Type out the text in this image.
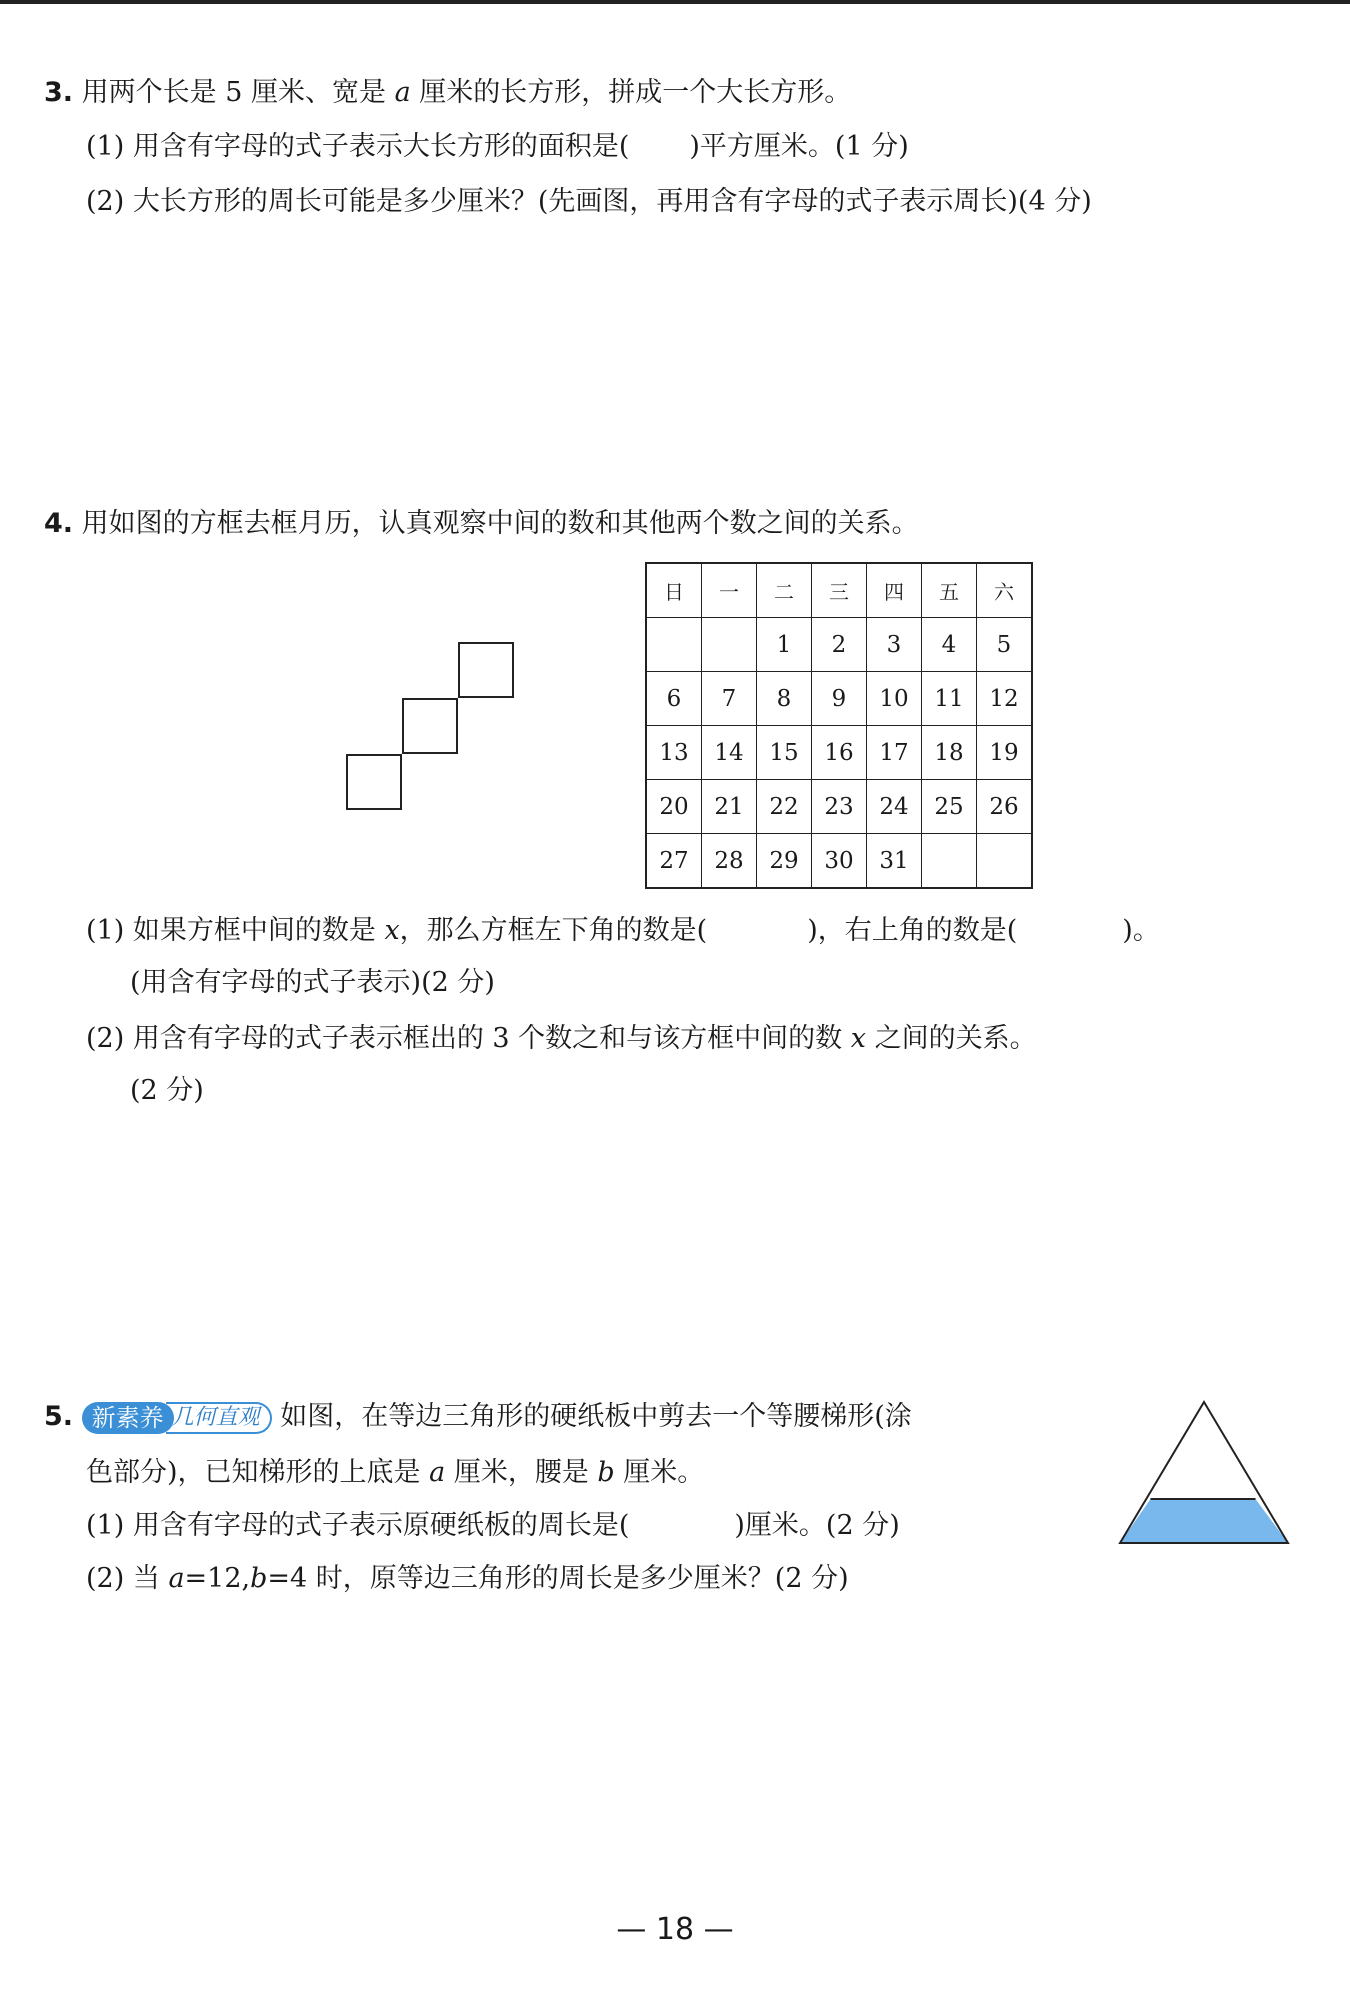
3. 用两个长是 5 厘米、宽是 a 厘米的长方形，拼成一个大长方形。
(1) 用含有字母的式子表示大长方形的面积是( )平方厘米。(1 分)
(2) 大长方形的周长可能是多少厘米？(先画图，再用含有字母的式子表示周长)(4 分)
4. 用如图的方框去框月历，认真观察中间的数和其他两个数之间的关系。
日	一	二	三	四	五	六
		1	2	3	4	5
6	7	8	9	10	11	12
13	14	15	16	17	18	19
20	21	22	23	24	25	26
27	28	29	30	31		
(1) 如果方框中间的数是 x，那么方框左下角的数是(	)，右上角的数是(	)。
(用含有字母的式子表示)(2 分)
(2) 用含有字母的式子表示框出的 3 个数之和与该方框中间的数 x 之间的关系。
(2 分)
5. 新素养 几何直观 如图，在等边三角形的硬纸板中剪去一个等腰梯形(涂
色部分)，已知梯形的上底是 a 厘米，腰是 b 厘米。
(1) 用含有字母的式子表示原硬纸板的周长是(	)厘米。(2 分)
(2) 当 a=12,b=4 时，原等边三角形的周长是多少厘米？(2 分)
— 18 —
